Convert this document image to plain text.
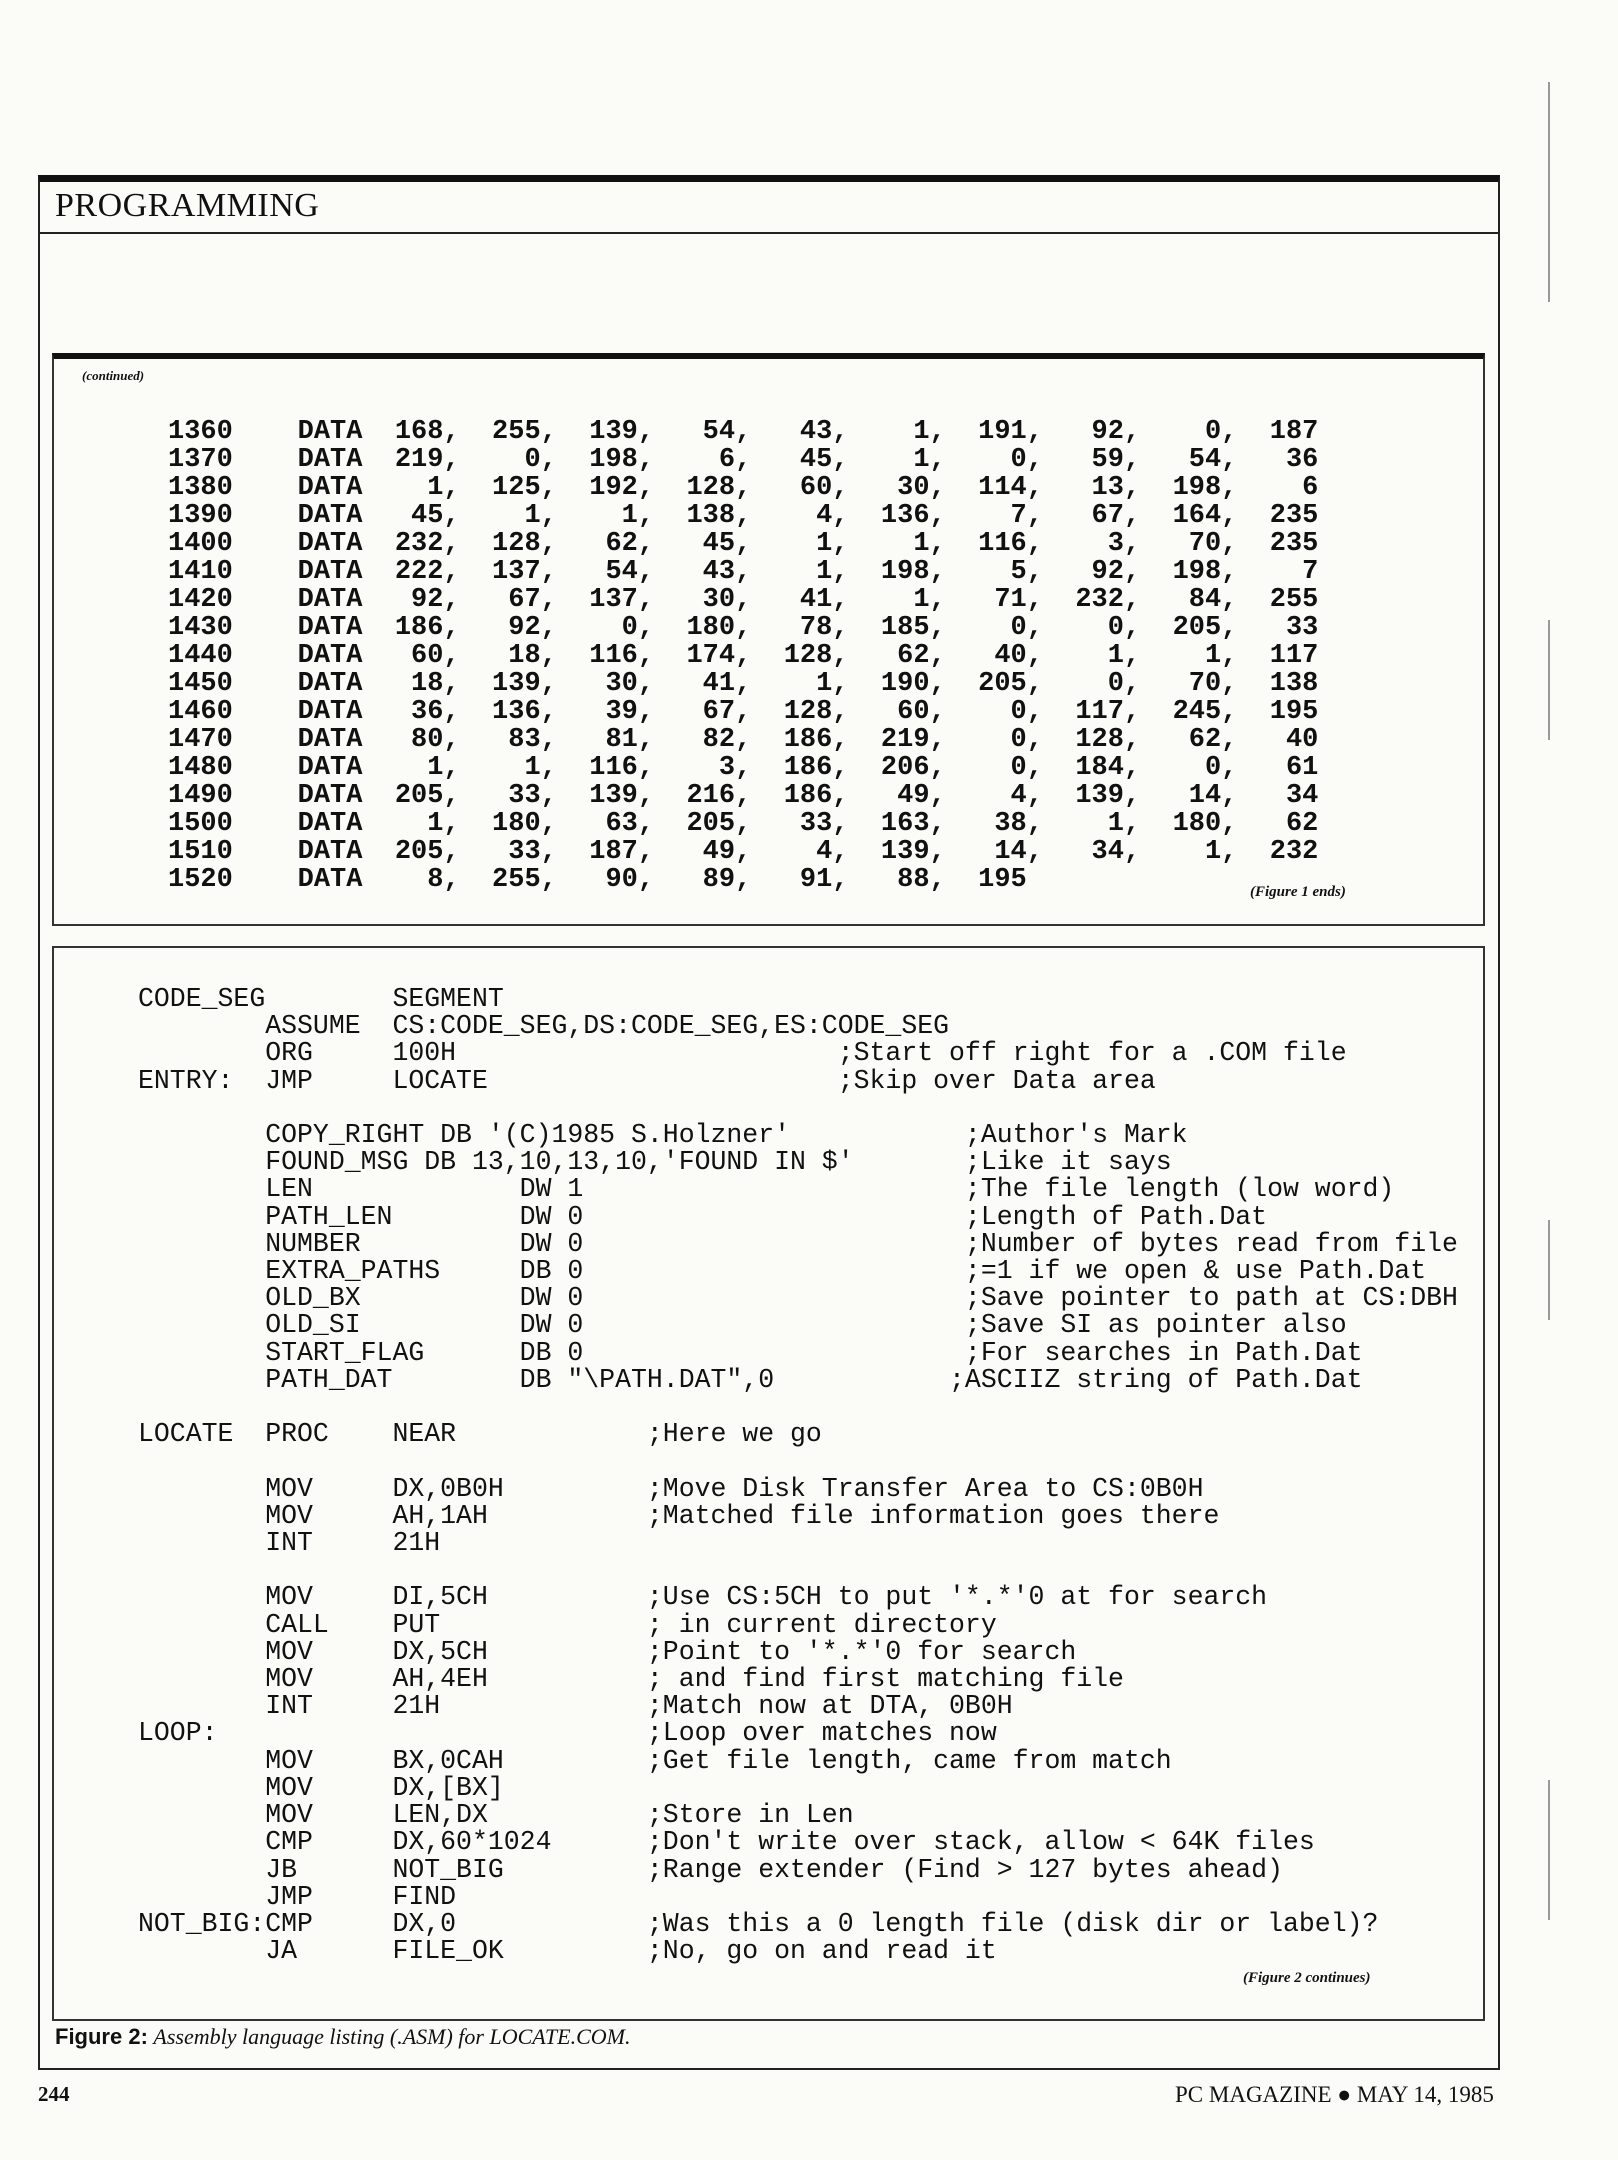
PROGRAMMING
(continued)
1360    DATA  168,  255,  139,   54,   43,    1,  191,   92,    0,  187
1370    DATA  219,    0,  198,    6,   45,    1,    0,   59,   54,   36
1380    DATA    1,  125,  192,  128,   60,   30,  114,   13,  198,    6
1390    DATA   45,    1,    1,  138,    4,  136,    7,   67,  164,  235
1400    DATA  232,  128,   62,   45,    1,    1,  116,    3,   70,  235
1410    DATA  222,  137,   54,   43,    1,  198,    5,   92,  198,    7
1420    DATA   92,   67,  137,   30,   41,    1,   71,  232,   84,  255
1430    DATA  186,   92,    0,  180,   78,  185,    0,    0,  205,   33
1440    DATA   60,   18,  116,  174,  128,   62,   40,    1,    1,  117
1450    DATA   18,  139,   30,   41,    1,  190,  205,    0,   70,  138
1460    DATA   36,  136,   39,   67,  128,   60,    0,  117,  245,  195
1470    DATA   80,   83,   81,   82,  186,  219,    0,  128,   62,   40
1480    DATA    1,    1,  116,    3,  186,  206,    0,  184,    0,   61
1490    DATA  205,   33,  139,  216,  186,   49,    4,  139,   14,   34
1500    DATA    1,  180,   63,  205,   33,  163,   38,    1,  180,   62
1510    DATA  205,   33,  187,   49,    4,  139,   14,   34,    1,  232
1520    DATA    8,  255,   90,   89,   91,   88,  195	(Figure 1 ends)
CODE_SEG        SEGMENT
ASSUME  CS:CODE_SEG,DS:CODE_SEG,ES:CODE_SEG
ORG     100H                        ;Start off right for a .COM file
ENTRY:  JMP     LOCATE                      ;Skip over Data area

COPY_RIGHT DB '(C)1985 S.Holzner'           ;Author's Mark
FOUND_MSG DB 13,10,13,10,'FOUND IN $'       ;Like it says
LEN             DW 1                        ;The file length (low word)
PATH_LEN        DW 0                        ;Length of Path.Dat
NUMBER          DW 0                        ;Number of bytes read from file
EXTRA_PATHS     DB 0                        ;=1 if we open & use Path.Dat
OLD_BX          DW 0                        ;Save pointer to path at CS:DBH
OLD_SI          DW 0                        ;Save SI as pointer also
START_FLAG      DB 0                        ;For searches in Path.Dat
PATH_DAT        DB "\PATH.DAT",0           ;ASCIIZ string of Path.Dat

LOCATE  PROC    NEAR            ;Here we go

MOV     DX,0B0H         ;Move Disk Transfer Area to CS:0B0H
MOV     AH,1AH          ;Matched file information goes there
INT     21H

MOV     DI,5CH          ;Use CS:5CH to put '*.*'0 at for search
CALL    PUT             ; in current directory
MOV     DX,5CH          ;Point to '*.*'0 for search
MOV     AH,4EH          ; and find first matching file
INT     21H             ;Match now at DTA, 0B0H
LOOP:                           ;Loop over matches now
MOV     BX,0CAH         ;Get file length, came from match
MOV     DX,[BX]
MOV     LEN,DX          ;Store in Len
CMP     DX,60*1024      ;Don't write over stack, allow < 64K files
JB      NOT_BIG         ;Range extender (Find > 127 bytes ahead)
JMP     FIND
NOT_BIG:CMP     DX,0            ;Was this a 0 length file (disk dir or label)?
JA      FILE_OK         ;No, go on and read it
(Figure 2 continues)
Figure 2: Assembly language listing (.ASM) for LOCATE.COM.
244	PC MAGAZINE ● MAY 14, 1985
